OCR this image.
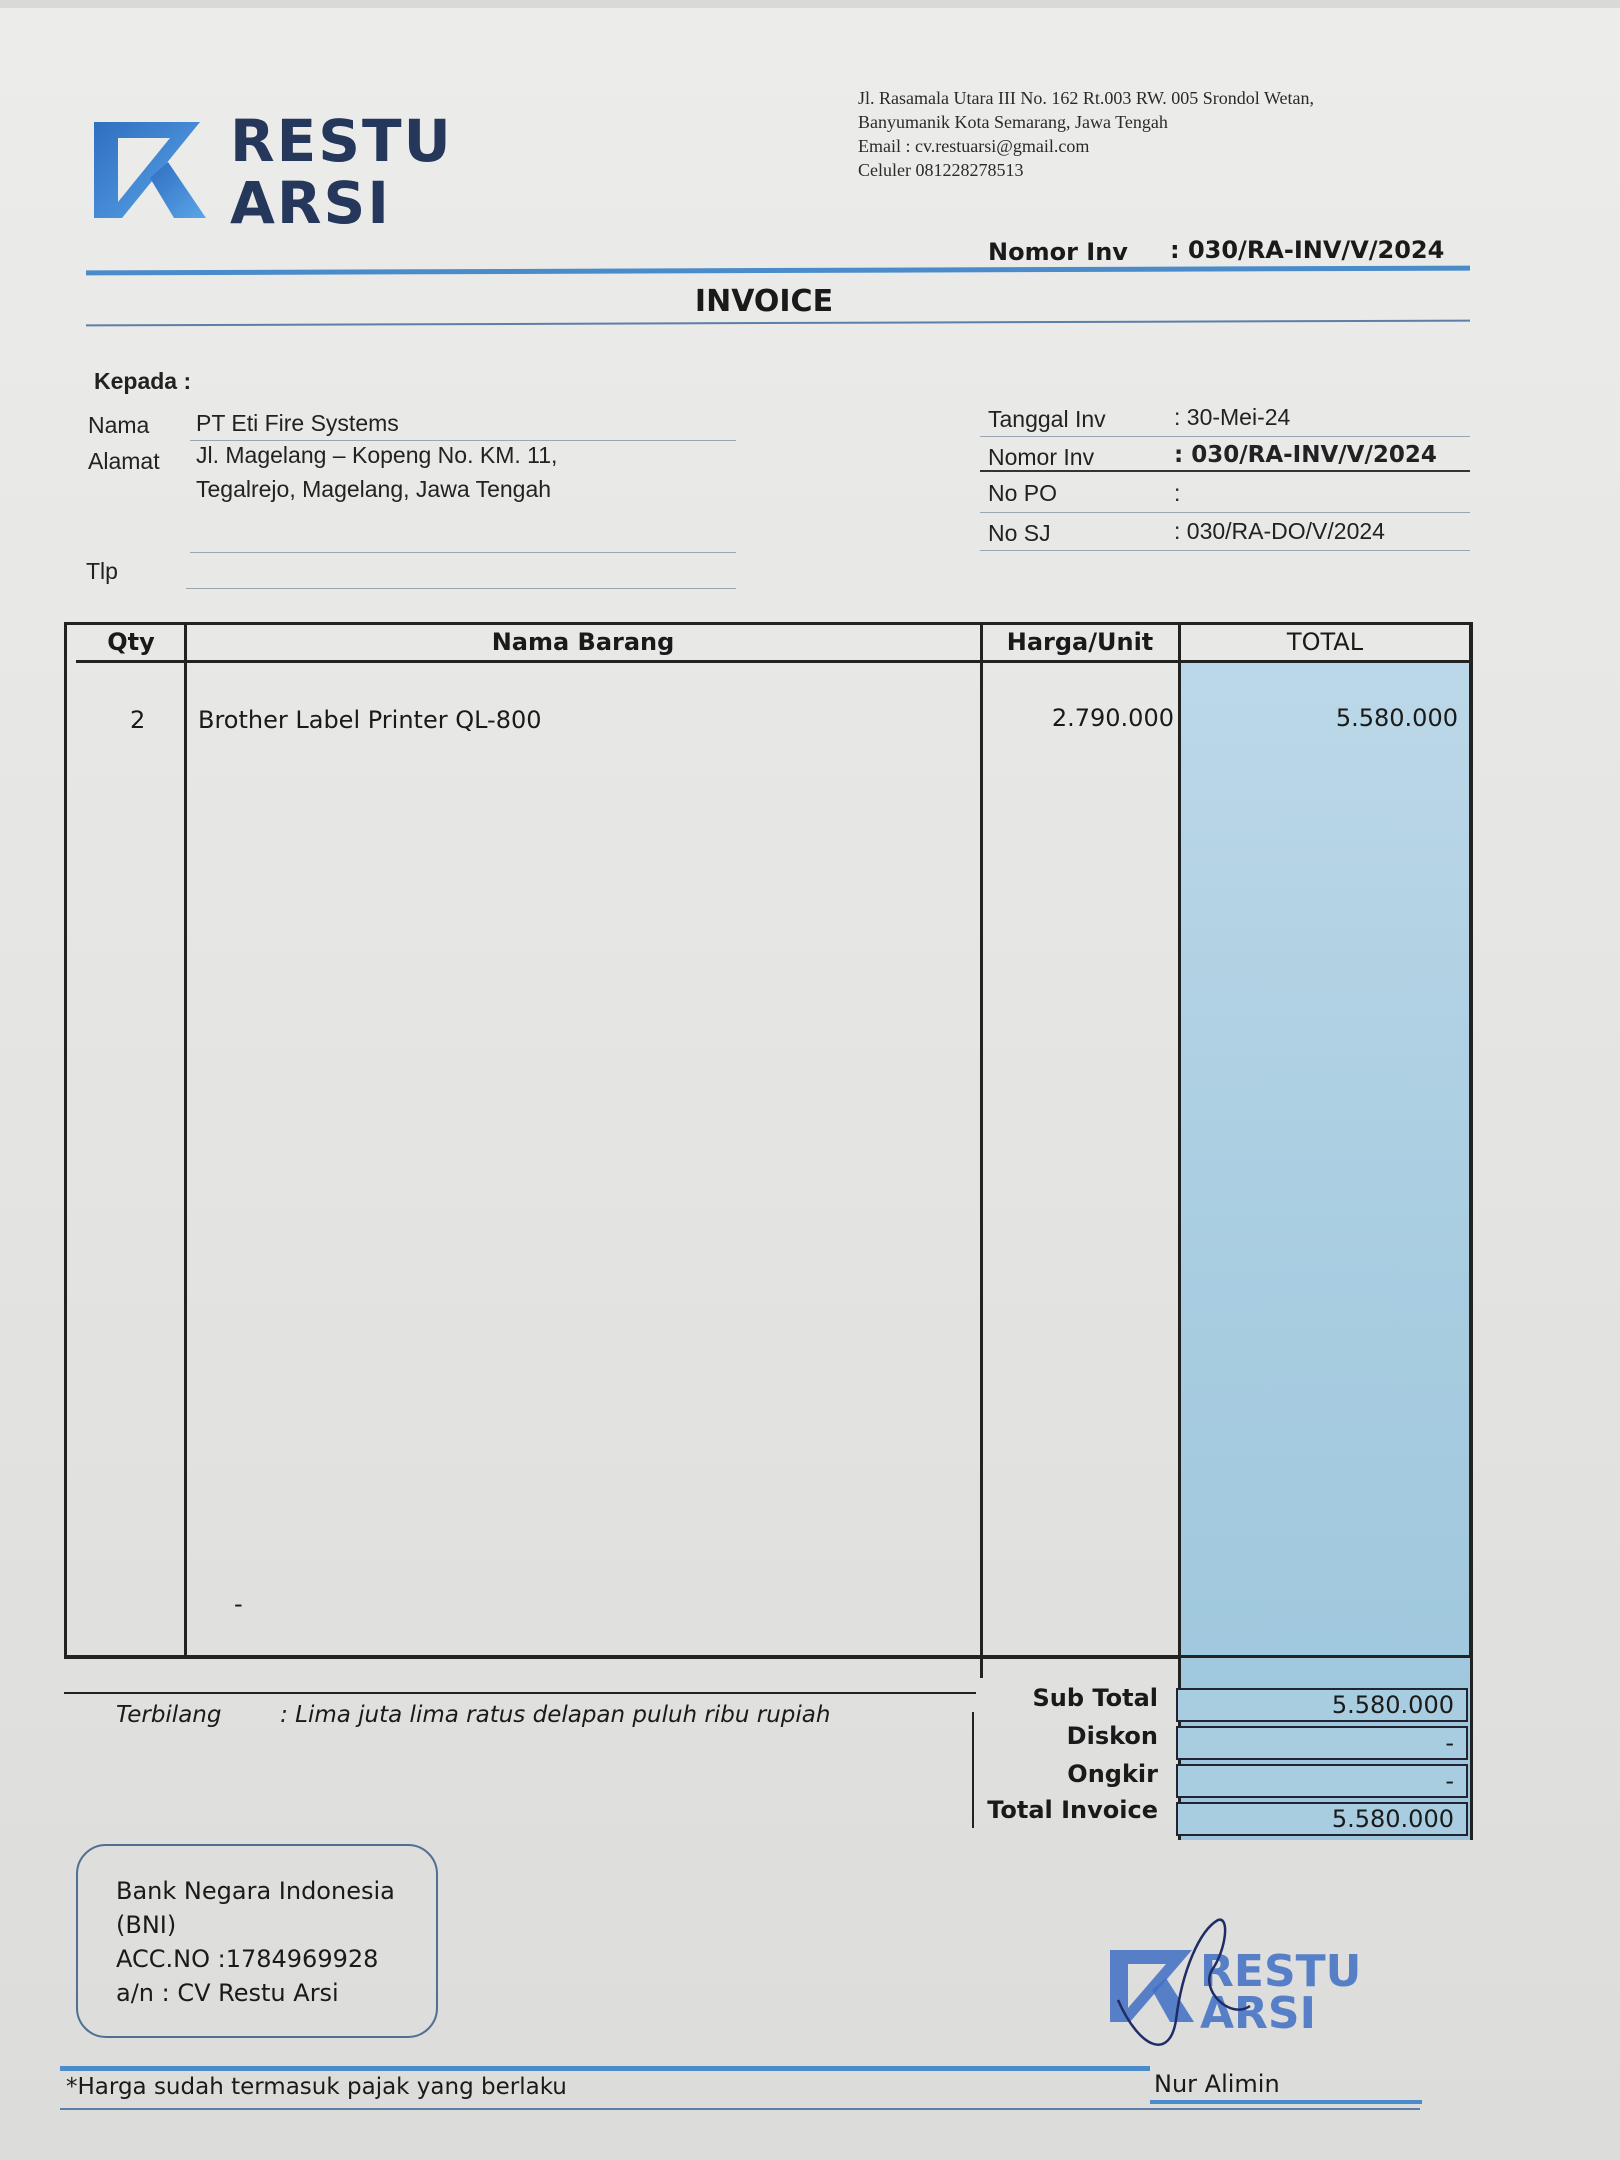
RESTU
ARSI
Jl. Rasamala Utara III No. 162 Rt.003 RW. 005 Srondol Wetan,
Banyumanik Kota Semarang, Jawa Tengah
Email : cv.restuarsi@gmail.com
Celuler 081228278513
Nomor Inv : 030/RA-INV/V/2024
INVOICE
Kepada :
Nama PT Eti Fire Systems
Alamat Jl. Magelang – Kopeng No. KM. 11,
Tegalrejo, Magelang, Jawa Tengah
Tlp
Tanggal Inv	: 30-Mei-24
Nomor Inv	: 030/RA-INV/V/2024
No PO	:
No SJ	: 030/RA-DO/V/2024
Qty	Nama Barang	Harga/Unit	TOTAL
2 Brother Label Printer QL-800	2.790.000	5.580.000
-
Sub Total	5.580.000
Diskon	-
Ongkir	-
Total Invoice	5.580.000
Terbilang	: Lima juta lima ratus delapan puluh ribu rupiah
Bank Negara Indonesia
(BNI)
ACC.NO :1784969928
a/n : CV Restu Arsi	RESTU
ARSI
Nur Alimin
*Harga sudah termasuk pajak yang berlaku
